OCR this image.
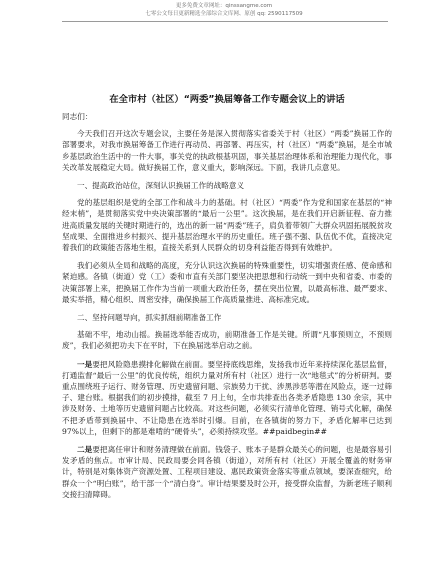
更多免费文章网址：qinssangme.com
七零公文每日更新精选全部综合文库网、原创 qq: 2590117509
在全市村（社区）“两委”换届筹备工作专题会议上的讲话

同志们：

今天我们召开这次专题会议，主要任务是深入贯彻落实省委关于村（社区）“两委”换届工作的部署要求，对我市换届筹备工作进行再动员、再部署、再压实，村（社区）“两委”换届，是全市城乡基层政治生活中的一件大事，事关党的执政根基巩固，事关基层治理体系和治理能力现代化，事关改革发展稳定大局。做好换届工作，意义重大，影响深远。下面，我讲几点意见。

一、提高政治站位，深刻认识换届工作的战略意义

党的基层组织是党的全部工作和战斗力的基础。村（社区）“两委”作为党和国家在基层的“神经末梢”，是贯彻落实党中央决策部署的“最后一公里”。这次换届，是在我们开启新征程、奋力推进高质量发展的关键时期进行的，选出的新一届“两委”班子，肩负着带领广大群众巩固拓展脱贫攻坚成果、全面推进乡村振兴、提升基层治理水平的历史重任。班子强不强、队伍优不优，直接决定着我们的政策能否落地生根，直接关系到人民群众的切身利益能否得到有效维护。

我们必须从全局和战略的高度，充分认识这次换届的特殊重要性，切实增强责任感、使命感和紧迫感。各镇（街道）党（工）委和市直有关部门要坚决把思想和行动统一到中央和省委、市委的决策部署上来，把换届工作作为当前一项重大政治任务，摆在突出位置，以最高标准、最严要求、最实举措，精心组织、周密安排，确保换届工作高质量推进、高标准完成。

二、坚持问题导向，抓实抓细前期准备工作

基础不牢，地动山摇。换届选举能否成功，前期准备工作是关键。所谓“凡事预则立，不预则废”，我们必须把功夫下在平时，下在换届选举启动之前。

一是要把风险隐患摸排化解做在前面。要坚持底线思维，发扬我市近年来持续深化基层监督，打通监督“最后一公里”的优良传统，组织力量对所有村（社区）进行一次“地毯式”的分析研判。要重点围绕班子运行、财务管理、历史遗留问题、宗族势力干扰、涉黑涉恶等潜在风险点，逐一过筛子、建台账。根据我们的初步摸排，截至 7 月上旬，全市共排查出各类矛盾隐患 130 余宗，其中涉及财务、土地等历史遗留问题占比较高。对这些问题，必须实行清单化管理、销号式化解，确保不把矛盾带到换届中、不让隐患在选举时引爆。目前，在各镇街的努力下，矛盾化解率已达到 97%以上，但剩下的都是难啃的“硬骨头”，必须持续攻坚。##paidbegin##

二是要把离任审计和财务清理做在前面。钱袋子、账本子是群众最关心的问题，也是最容易引发矛盾的焦点。市审计局、民政局要会同各镇（街道），对所有村（社区）开展全覆盖的财务审计，特别是对集体资产资源处置、工程项目建设、惠民政策资金落实等重点领域，要深查细究，给群众一个“明白账”，给干部一个“清白身”。审计结果要及时公开，接受群众监督，为新老班子顺利交接扫清障碍。
